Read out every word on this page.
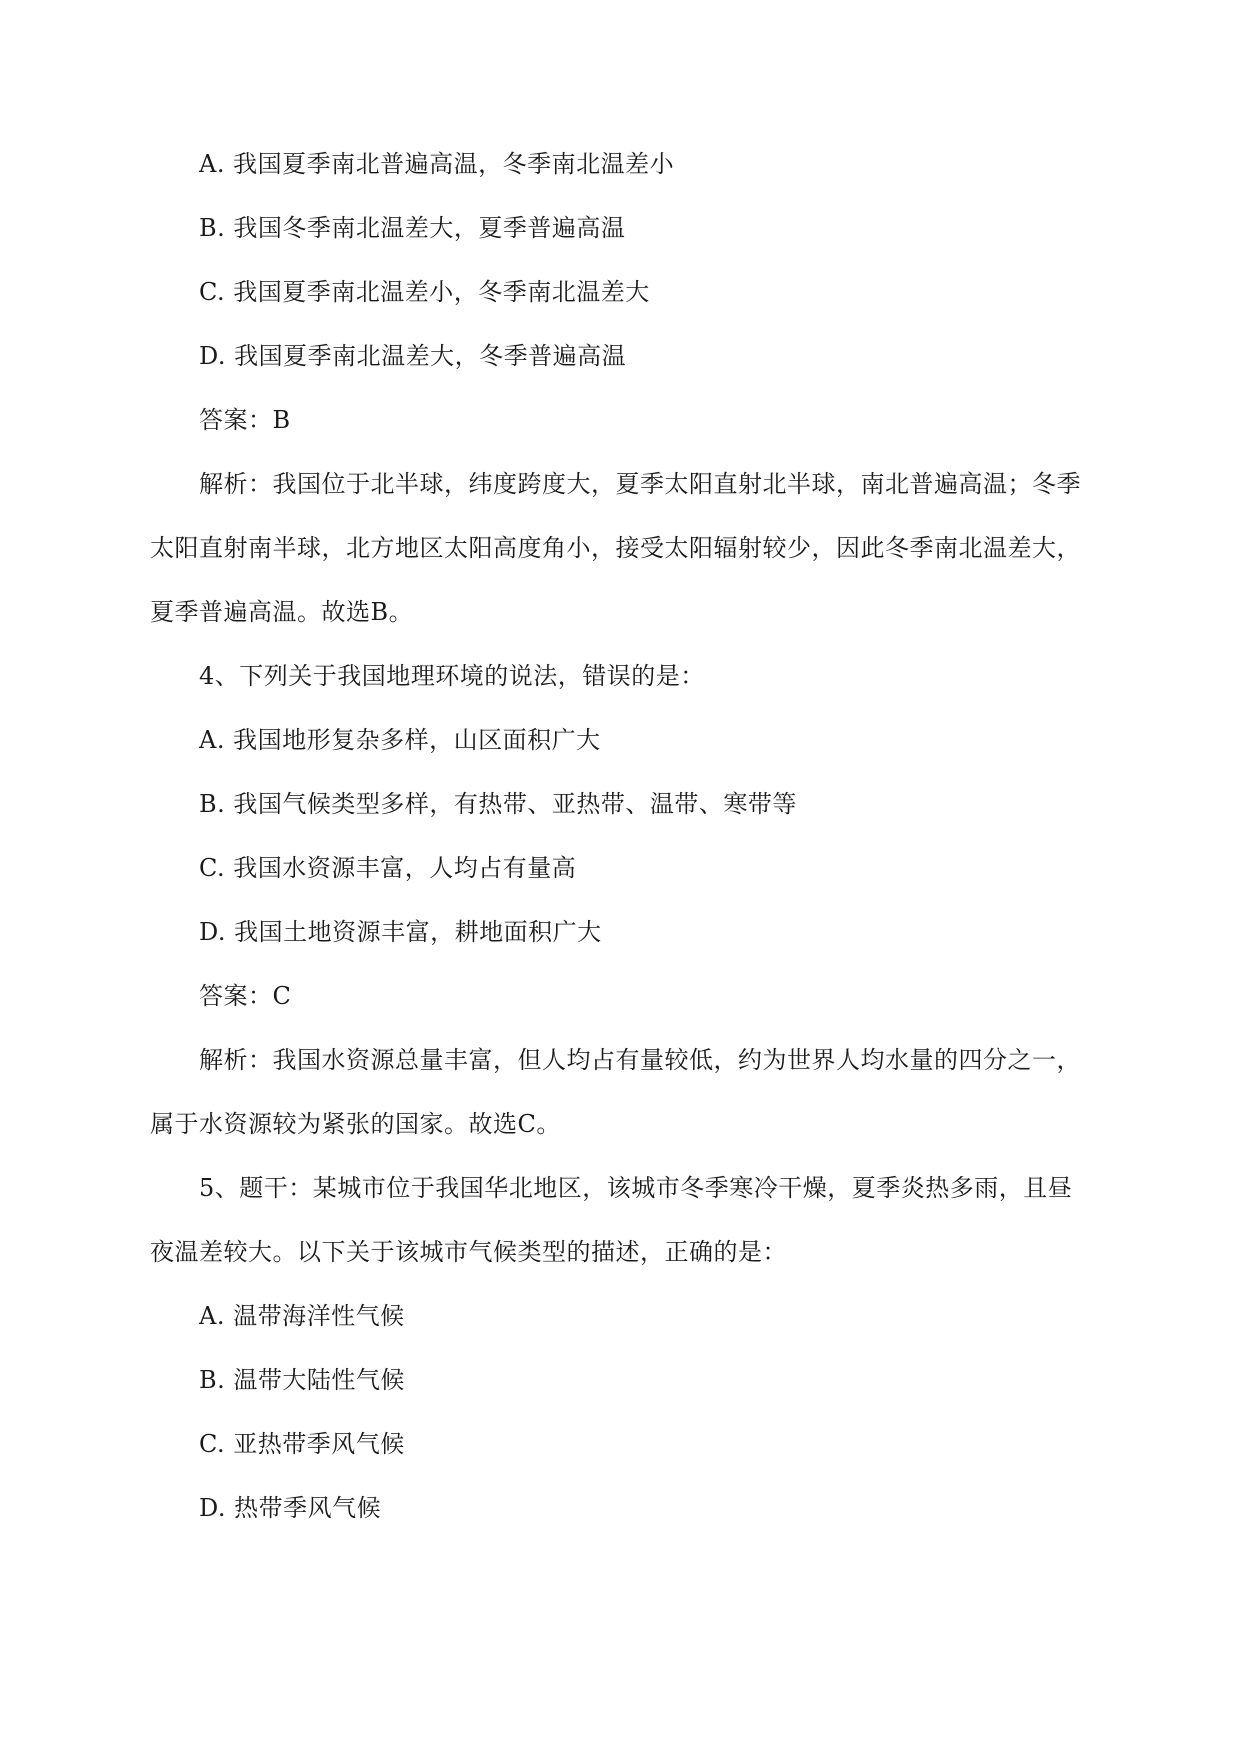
A. 我国夏季南北普遍高温，冬季南北温差小
B. 我国冬季南北温差大，夏季普遍高温
C. 我国夏季南北温差小，冬季南北温差大
D. 我国夏季南北温差大，冬季普遍高温
答案：B
解析：我国位于北半球，纬度跨度大，夏季太阳直射北半球，南北普遍高温；冬季
太阳直射南半球，北方地区太阳高度角小，接受太阳辐射较少，因此冬季南北温差大，
夏季普遍高温。故选B。
4、下列关于我国地理环境的说法，错误的是：
A. 我国地形复杂多样，山区面积广大
B. 我国气候类型多样，有热带、亚热带、温带、寒带等
C. 我国水资源丰富，人均占有量高
D. 我国土地资源丰富，耕地面积广大
答案：C
解析：我国水资源总量丰富，但人均占有量较低，约为世界人均水量的四分之一，
属于水资源较为紧张的国家。故选C。
5、题干：某城市位于我国华北地区，该城市冬季寒冷干燥，夏季炎热多雨，且昼
夜温差较大。以下关于该城市气候类型的描述，正确的是：
A. 温带海洋性气候
B. 温带大陆性气候
C. 亚热带季风气候
D. 热带季风气候
